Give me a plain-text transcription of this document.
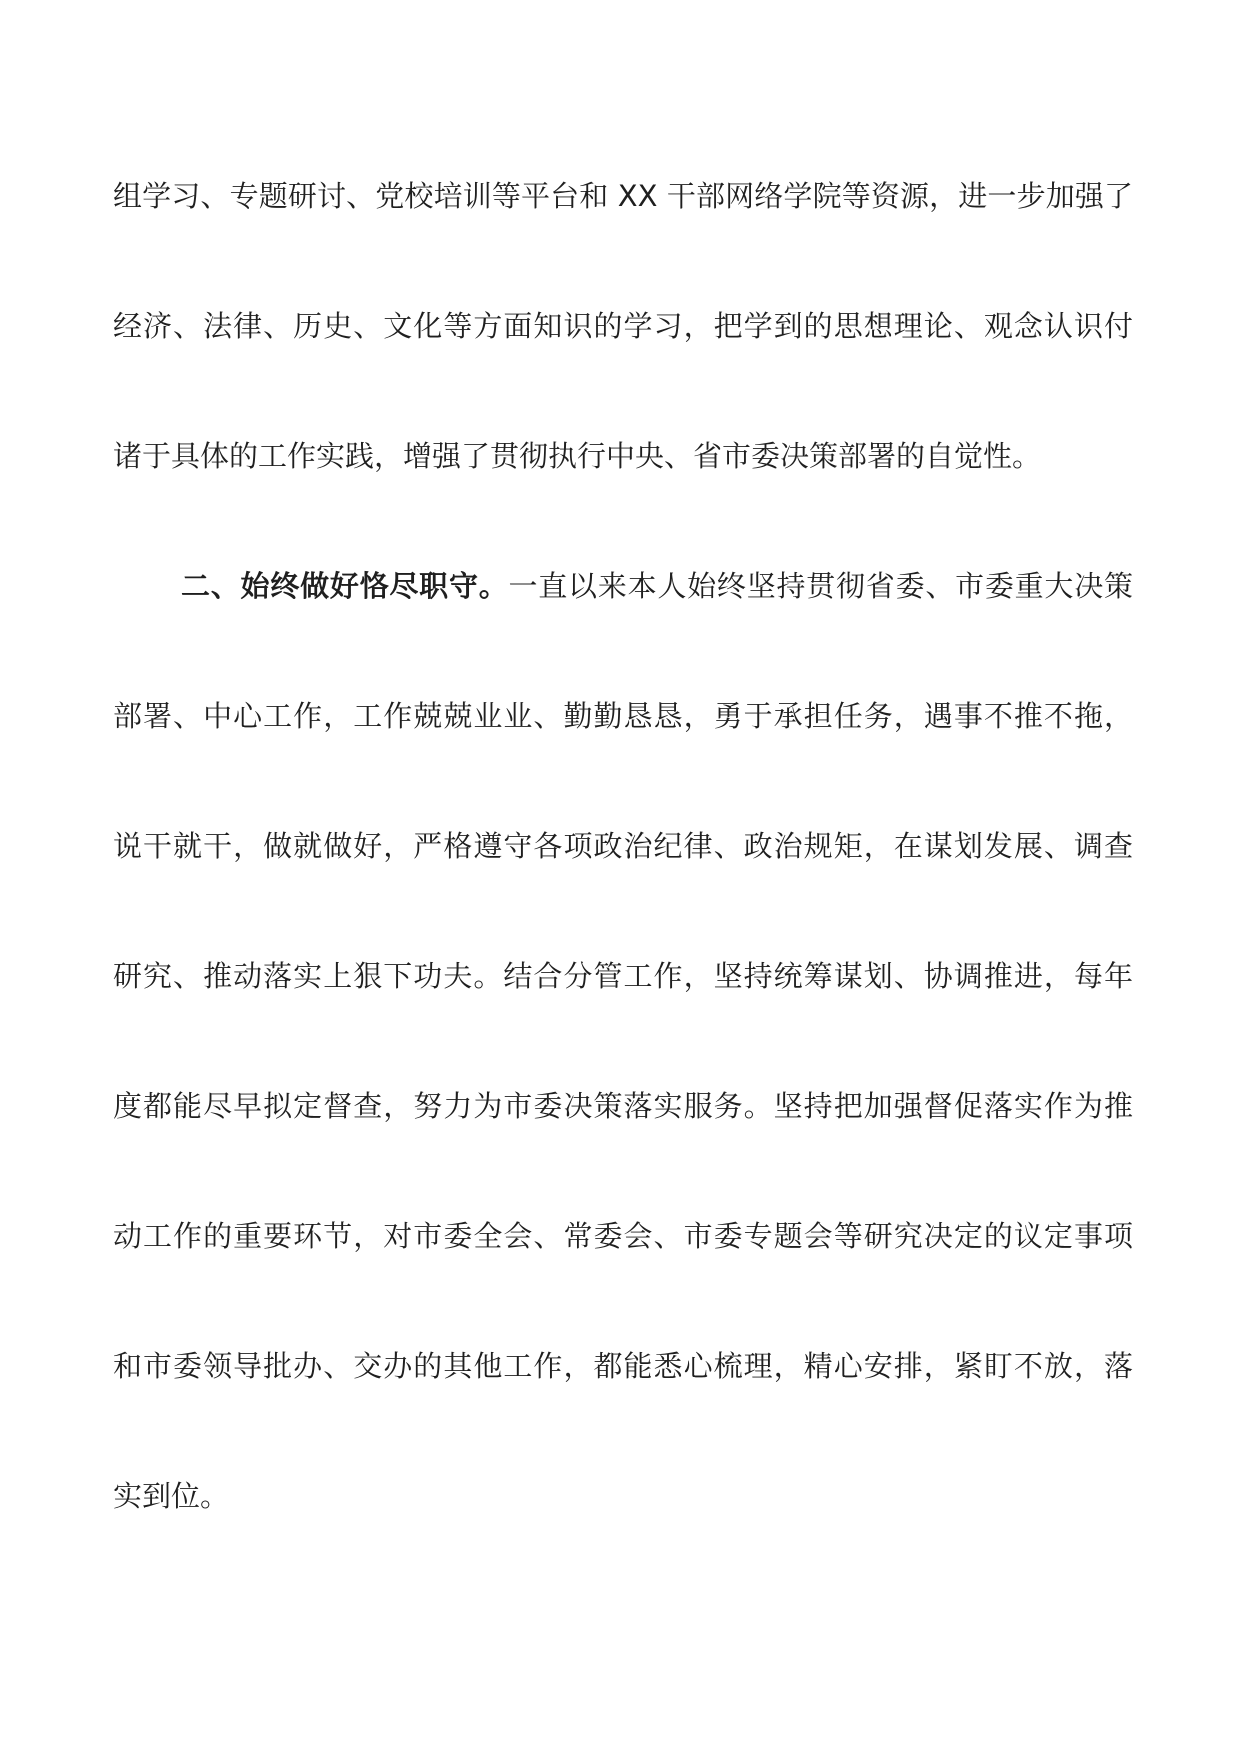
组学习、专题研讨、党校培训等平台和 XX 干部网络学院等资源，进一步加强了
经济、法律、历史、文化等方面知识的学习，把学到的思想理论、观念认识付
诸于具体的工作实践，增强了贯彻执行中央、省市委决策部署的自觉性。
二、始终做好恪尽职守。一直以来本人始终坚持贯彻省委、市委重大决策
部署、中心工作，工作兢兢业业、勤勤恳恳，勇于承担任务，遇事不推不拖，
说干就干，做就做好，严格遵守各项政治纪律、政治规矩，在谋划发展、调查
研究、推动落实上狠下功夫。结合分管工作，坚持统筹谋划、协调推进，每年
度都能尽早拟定督查，努力为市委决策落实服务。坚持把加强督促落实作为推
动工作的重要环节，对市委全会、常委会、市委专题会等研究决定的议定事项
和市委领导批办、交办的其他工作，都能悉心梳理，精心安排，紧盯不放，落
实到位。
